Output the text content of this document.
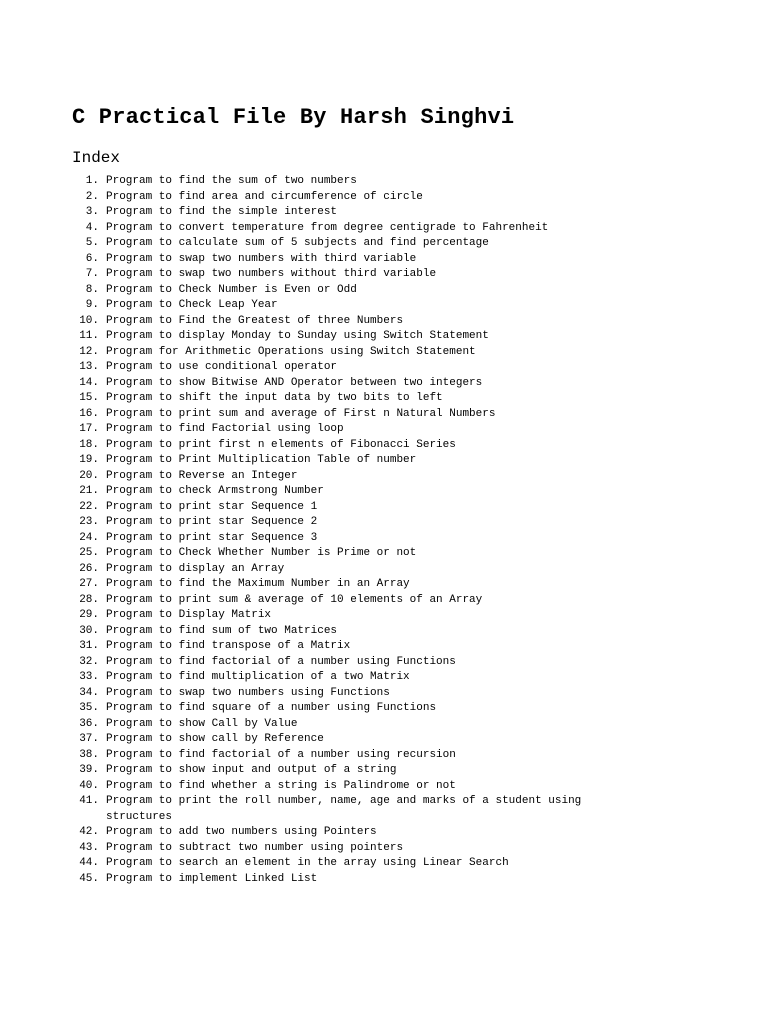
C Practical File By Harsh Singhvi
Index
1. Program to find the sum of two numbers
2. Program to find area and circumference of circle
3. Program to find the simple interest
4. Program to convert temperature from degree centigrade to Fahrenheit
5. Program to calculate sum of 5 subjects and find percentage
6. Program to swap two numbers with third variable
7. Program to swap two numbers without third variable
8. Program to Check Number is Even or Odd
9. Program to Check Leap Year
10. Program to Find the Greatest of three Numbers
11. Program to display Monday to Sunday using Switch Statement
12. Program for Arithmetic Operations using Switch Statement
13. Program to use conditional operator
14. Program to show Bitwise AND Operator between two integers
15. Program to shift the input data by two bits to left
16. Program to print sum and average of First n Natural Numbers
17. Program to find Factorial using loop
18. Program to print first n elements of Fibonacci Series
19. Program to Print Multiplication Table of number
20. Program to Reverse an Integer
21. Program to check Armstrong Number
22. Program to print star Sequence 1
23. Program to print star Sequence 2
24. Program to print star Sequence 3
25. Program to Check Whether Number is Prime or not
26. Program to display an Array
27. Program to find the Maximum Number in an Array
28. Program to print sum & average of 10 elements of an Array
29. Program to Display Matrix
30. Program to find sum of two Matrices
31. Program to find transpose of a Matrix
32. Program to find factorial of a number using Functions
33. Program to find multiplication of a two Matrix
34. Program to swap two numbers using Functions
35. Program to find square of a number using Functions
36. Program to show Call by Value
37. Program to show call by Reference
38. Program to find factorial of a number using recursion
39. Program to show input and output of a string
40. Program to find whether a string is Palindrome or not
41. Program to print the roll number, name, age and marks of a student using structures
42. Program to add two numbers using Pointers
43. Program to subtract two number using pointers
44. Program to search an element in the array using Linear Search
45. Program to implement Linked List
